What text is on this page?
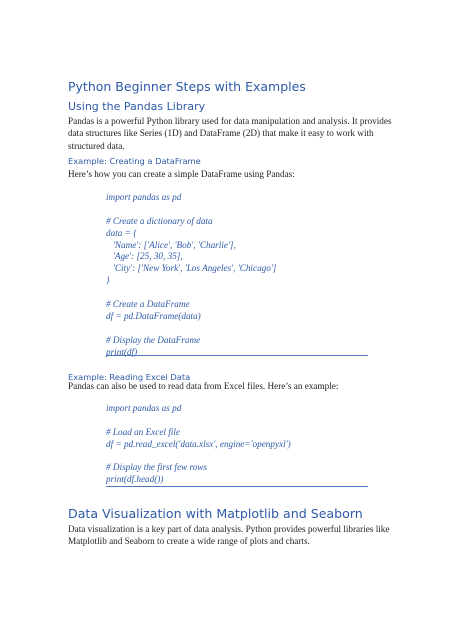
Python Beginner Steps with Examples
Using the Pandas Library
Pandas is a powerful Python library used for data manipulation and analysis. It provides
data structures like Series (1D) and DataFrame (2D) that make it easy to work with
structured data.
Example: Creating a DataFrame
Here’s how you can create a simple DataFrame using Pandas:
import pandas as pd
# Create a dictionary of data
data = {
'Name': ['Alice', 'Bob', 'Charlie'],
'Age': [25, 30, 35],
'City': ['New York', 'Los Angeles', 'Chicago']
}
# Create a DataFrame
df = pd.DataFrame(data)
# Display the DataFrame
print(df)
Example: Reading Excel Data
Pandas can also be used to read data from Excel files. Here’s an example:
import pandas as pd
# Load an Excel file
df = pd.read_excel('data.xlsx', engine='openpyxl')
# Display the first few rows
print(df.head())
Data Visualization with Matplotlib and Seaborn
Data visualization is a key part of data analysis. Python provides powerful libraries like
Matplotlib and Seaborn to create a wide range of plots and charts.
